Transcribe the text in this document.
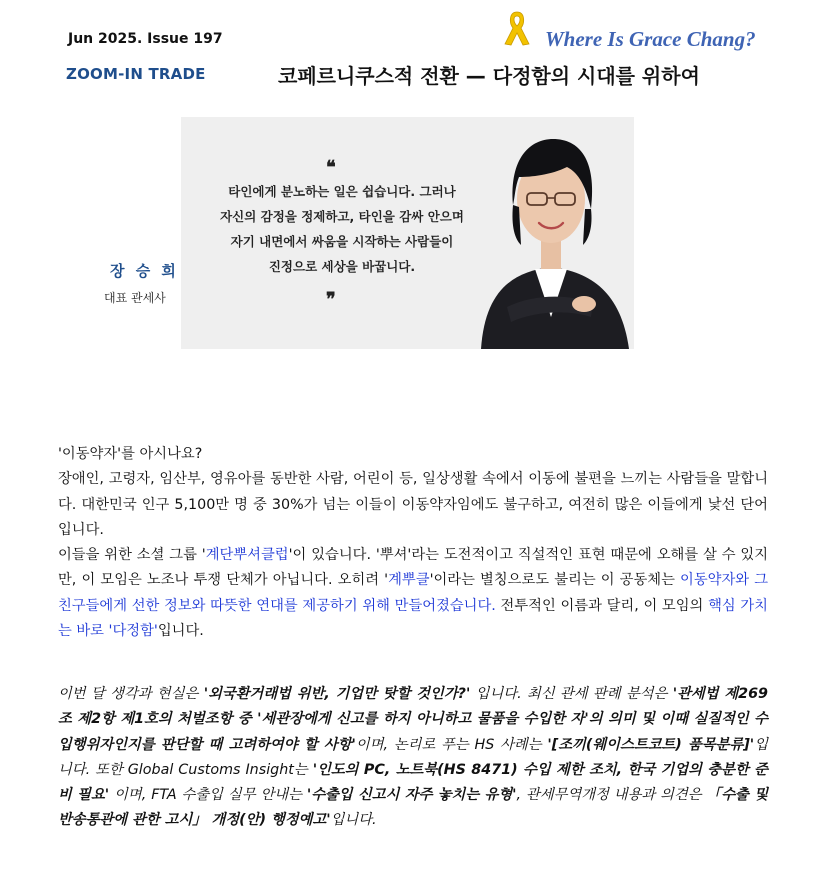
Jun 2025. Issue 197
ZOOM-IN TRADE
Where Is Grace Chang?
코페르니쿠스적 전환 — 다정함의 시대를 위하여
❝
타인에게 분노하는 일은 쉽습니다. 그러나
자신의 감정을 정제하고, 타인을 감싸 안으며
자기 내면에서 싸움을 시작하는 사람들이
진정으로 세상을 바꿉니다.
❞
장 승 희
대표 관세사

'이동약자'를 아시나요?

장애인, 고령자, 임산부, 영유아를 동반한 사람, 어린이 등, 일상생활 속에서 이동에 불편을 느끼는 사람들을 말합니다. 대한민국 인구 5,100만 명 중 30%가 넘는 이들이 이동약자임에도 불구하고, 여전히 많은 이들에게 낯선 단어입니다.

이들을 위한 소셜 그룹 '계단뿌셔클럽'이 있습니다. '뿌셔'라는 도전적이고 직설적인 표현 때문에 오해를 살 수 있지만, 이 모임은 노조나 투쟁 단체가 아닙니다. 오히려 '계뿌클'이라는 별칭으로도 불리는 이 공동체는 이동약자와 그 친구들에게 선한 정보와 따뜻한 연대를 제공하기 위해 만들어졌습니다. 전투적인 이름과 달리, 이 모임의 핵심 가치는 바로 '다정함'입니다.

이번 달 생각과 현실은 '외국환거래법 위반, 기업만 탓할 것인가?' 입니다. 최신 관세 판례 분석은 '관세법 제269조 제2항 제1호의 처벌조항 중 '세관장에게 신고를 하지 아니하고 물품을 수입한 자'의 의미 및 이때 실질적인 수입행위자인지를 판단할 때 고려하여야 할 사항'이며, 논리로 푸는 HS 사례는 '[조끼(웨이스트코트) 품목분류]'입니다. 또한 Global Customs Insight는 '인도의 PC, 노트북(HS 8471) 수입 제한 조치, 한국 기업의 충분한 준비 필요' 이며, FTA 수출입 실무 안내는 '수출입 신고시 자주 놓치는 유형', 관세무역개정 내용과 의견은 「수출 및 반송통관에 관한 고시」 개정(안) 행정예고'입니다.
